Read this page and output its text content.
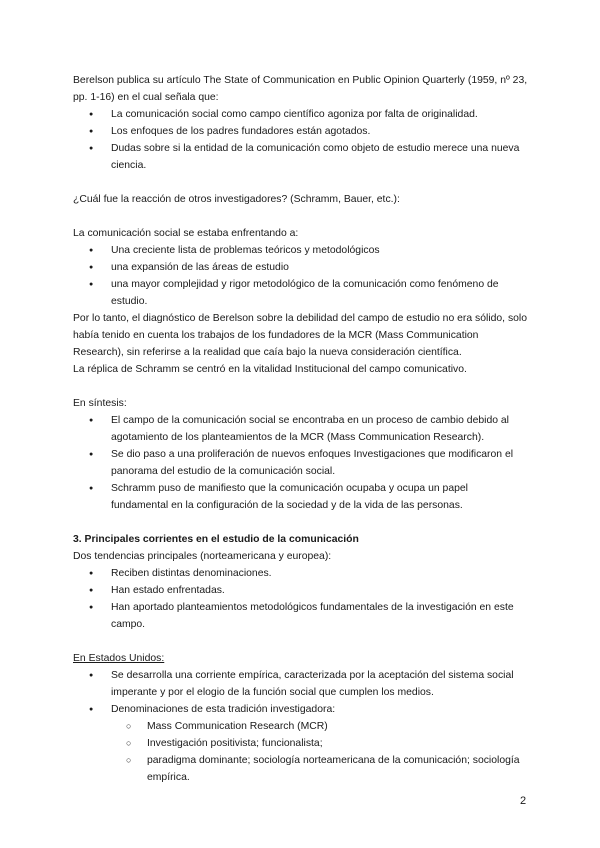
Berelson publica su artículo The State of Communication en Public Opinion Quarterly (1959, nº 23, pp. 1-16) en el cual señala que:

● La comunicación social como campo científico agoniza por falta de originalidad.
● Los enfoques de los padres fundadores están agotados.
● Dudas sobre si la entidad de la comunicación como objeto de estudio merece una nueva ciencia.

¿Cuál fue la reacción de otros investigadores? (Schramm, Bauer, etc.):

La comunicación social se estaba enfrentando a:

● Una creciente lista de problemas teóricos y metodológicos
● una expansión de las áreas de estudio
● una mayor complejidad y rigor metodológico de la comunicación como fenómeno de estudio.

Por lo tanto, el diagnóstico de Berelson sobre la debilidad del campo de estudio no era sólido, solo había tenido en cuenta los trabajos de los fundadores de la MCR (Mass Communication Research), sin referirse a la realidad que caía bajo la nueva consideración científica.

La réplica de Schramm se centró en la vitalidad Institucional del campo comunicativo.

En síntesis:

● El campo de la comunicación social se encontraba en un proceso de cambio debido al agotamiento de los planteamientos de la MCR (Mass Communication Research).
● Se dio paso a una proliferación de nuevos enfoques Investigaciones que modificaron el panorama del estudio de la comunicación social.
● Schramm puso de manifiesto que la comunicación ocupaba y ocupa un papel fundamental en la configuración de la sociedad y de la vida de las personas.

3. Principales corrientes en el estudio de la comunicación

Dos tendencias principales (norteamericana y europea):

● Reciben distintas denominaciones.
● Han estado enfrentadas.
● Han aportado planteamientos metodológicos fundamentales de la investigación en este campo.

En Estados Unidos:

● Se desarrolla una corriente empírica, caracterizada por la aceptación del sistema social imperante y por el elogio de la función social que cumplen los medios.
● Denominaciones de esta tradición investigadora:
○ Mass Communication Research (MCR)
○ Investigación positivista; funcionalista;
○ paradigma dominante; sociología norteamericana de la comunicación; sociología empírica.
2
